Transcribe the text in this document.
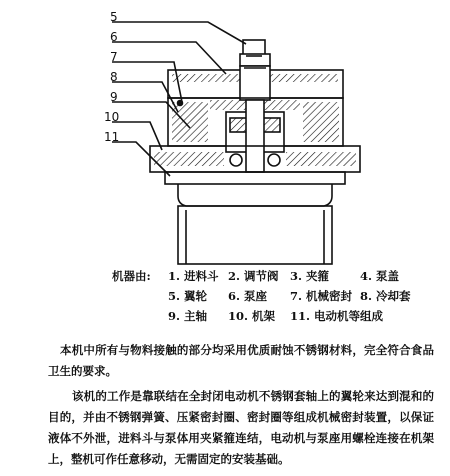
5
6
7
8
9
10
11
机器由: 1. 进料斗 2. 调节阀 3. 夹箍	4. 泵盖
5. 翼轮 6. 泵座 7. 机械密封 8. 冷却套
9. 主轴 10. 机架 11. 电动机等组成

本机中所有与物料接触的部分均采用优质耐蚀不锈钢材料，完全符合食品卫生的要求。

该机的工作是靠联结在全封闭电动机不锈钢套轴上的翼轮来达到混和的目的，并由不锈钢弹簧、压紧密封圈、密封圈等组成机械密封装置，以保证液体不外泄，进料斗与泵体用夹紧箍连结，电动机与泵座用螺栓连接在机架上，整机可作任意移动，无需固定的安装基础。
